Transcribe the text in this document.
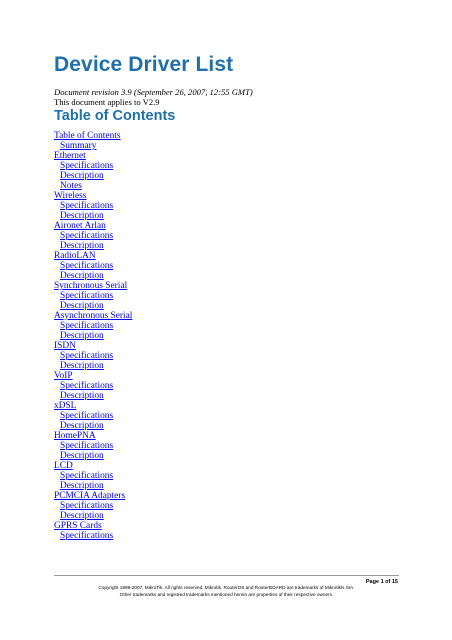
Device Driver List

Document revision 3.9 (September 26, 2007, 12:55 GMT)

This document applies to V2.9

Table of Contents
Table of Contents
Summary
Ethernet
Specifications
Description
Notes
Wireless
Specifications
Description
Aironet Arlan
Specifications
Description
RadioLAN
Specifications
Description
Synchronous Serial
Specifications
Description
Asynchronous Serial
Specifications
Description
ISDN
Specifications
Description
VoIP
Specifications
Description
xDSL
Specifications
Description
HomePNA
Specifications
Description
LCD
Specifications
Description
PCMCIA Adapters
Specifications
Description
GPRS Cards
Specifications

Page 1 of 15

Copyright 1999-2007, MikroTik. All rights reserved. Mikrotik, RouterOS and RouterBOARD are trademarks of Mikrotikls SIA.

Other trademarks and registred trademarks mentioned herein are properties of their respective owners.
